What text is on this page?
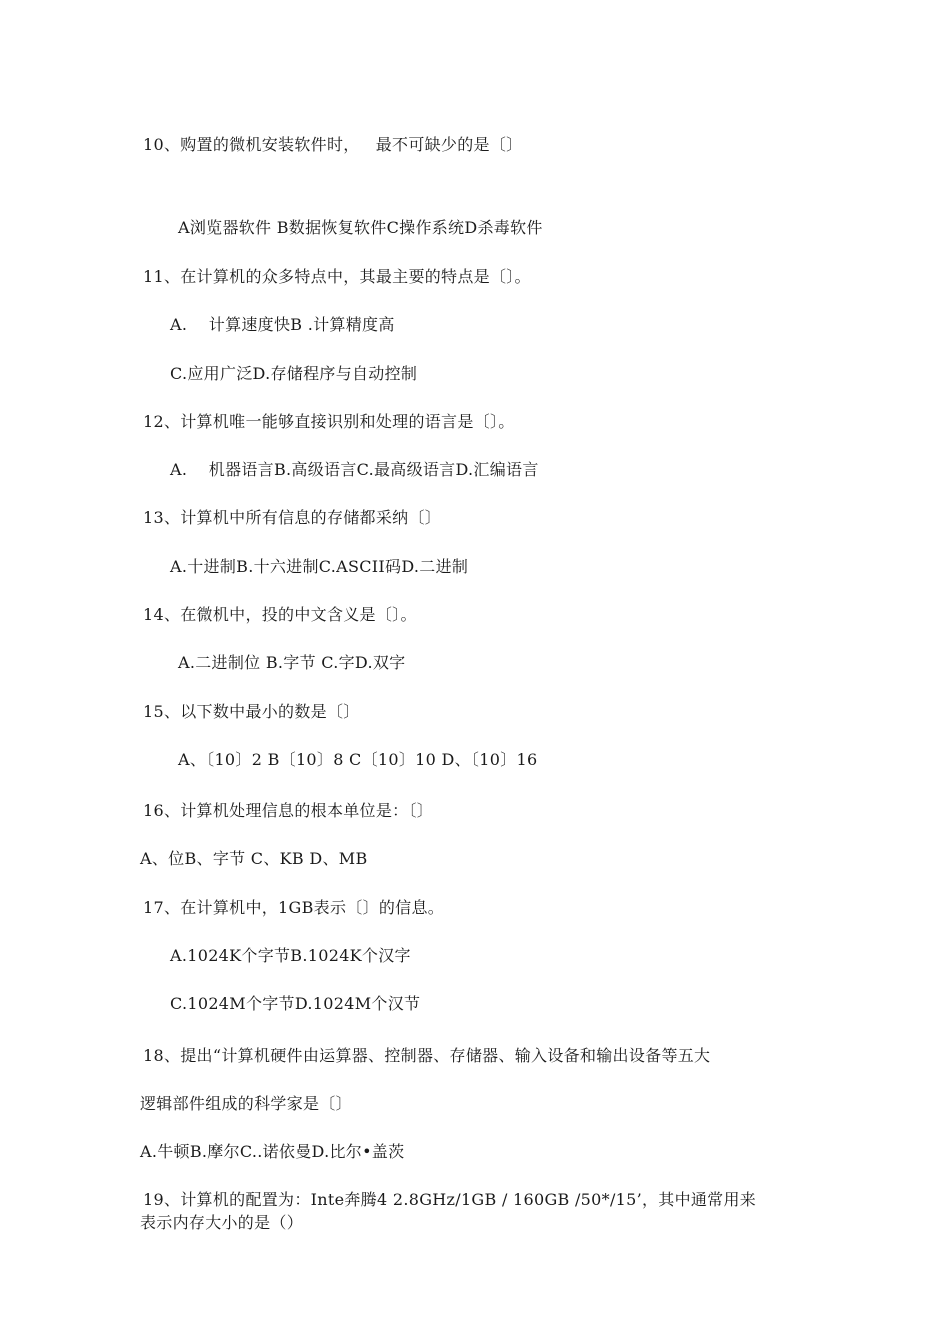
10、购置的微机安装软件时，   最不可缺少的是〔〕
A浏览器软件 B数据恢复软件C操作系统D杀毒软件
11、在计算机的众多特点中，其最主要的特点是〔〕。
A.    计算速度快B .计算精度高
C.应用广泛D.存储程序与自动控制
12、计算机唯一能够直接识别和处理的语言是〔〕。
A.    机器语言B.高级语言C.最高级语言D.汇编语言
13、计算机中所有信息的存储都采纳〔〕
A.十进制B.十六进制C.ASCII码D.二进制
14、在微机中，投的中文含义是〔〕。
A.二进制位 B.字节 C.字D.双字
15、以下数中最小的数是〔〕
A、〔10〕2 B〔10〕8 C〔10〕10 D、〔10〕16
16、计算机处理信息的根本单位是：〔〕
A、位B、字节 C、KB D、MB
17、在计算机中，1GB表示〔〕的信息。
A.1024K个字节B.1024K个汉字
C.1024M个字节D.1024M个汉节
18、提出“计算机硬件由运算器、控制器、存储器、输入设备和输出设备等五大
逻辑部件组成的科学家是〔〕
A.牛顿B.摩尔C..诺依曼D.比尔•盖茨
19、计算机的配置为：Inte奔腾4 2.8GHz/1GB / 160GB /50*/15’，其中通常用来
表示内存大小的是（）
